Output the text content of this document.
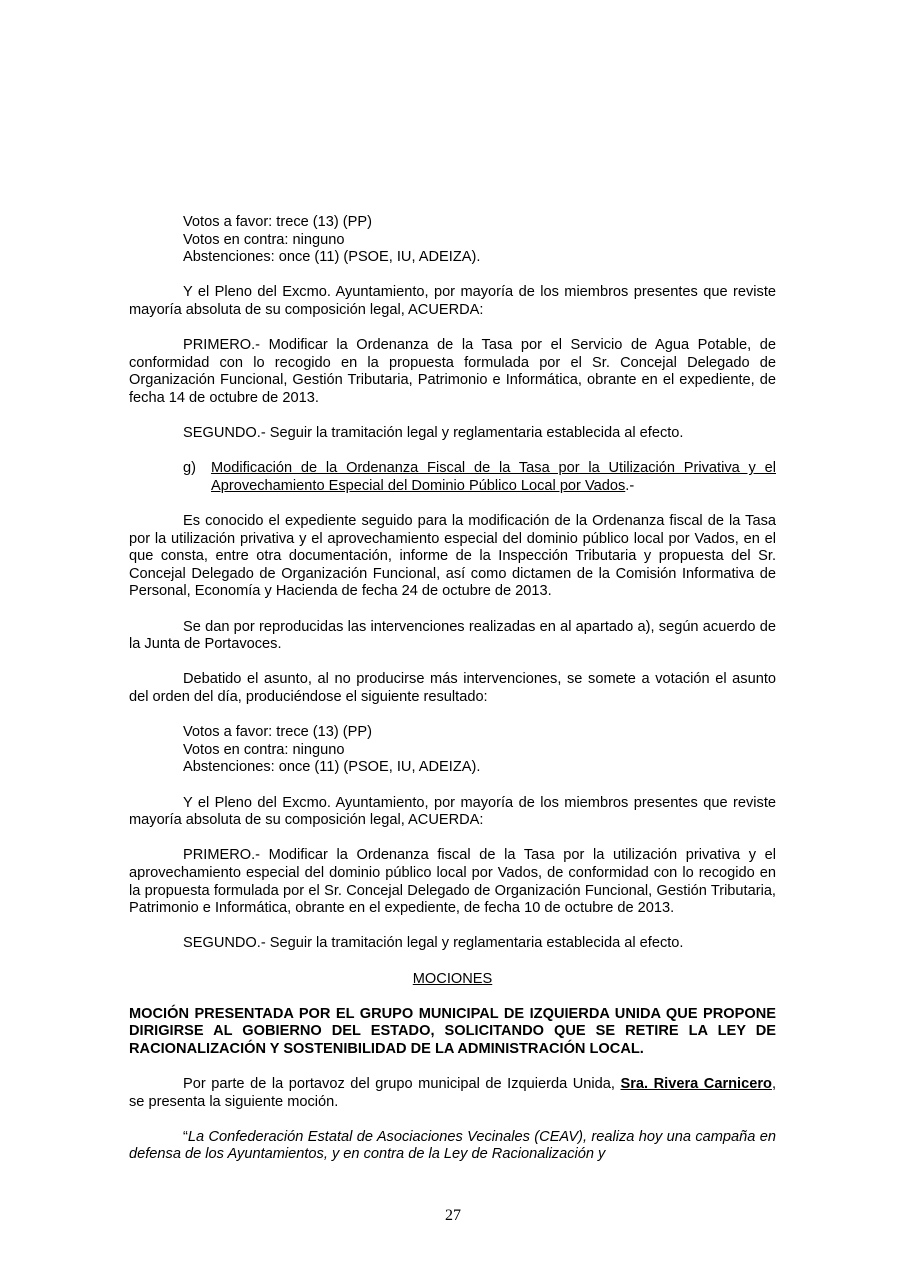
Votos a favor: trece (13) (PP)
Votos en contra: ninguno
Abstenciones: once (11) (PSOE, IU, ADEIZA).

Y el Pleno del Excmo. Ayuntamiento, por mayoría de los miembros presentes que reviste mayoría absoluta de su composición legal, ACUERDA:

PRIMERO.- Modificar la Ordenanza de la Tasa por el Servicio de Agua Potable, de conformidad con lo recogido en la propuesta formulada por el Sr. Concejal Delegado de Organización Funcional, Gestión Tributaria, Patrimonio e Informática, obrante en el expediente, de fecha 14 de octubre de 2013.

SEGUNDO.- Seguir la tramitación legal y reglamentaria establecida al efecto.

g) Modificación de la Ordenanza Fiscal de la Tasa por la Utilización Privativa y el Aprovechamiento Especial del Dominio Público Local por Vados.-

Es conocido el expediente seguido para la modificación de la Ordenanza fiscal de la Tasa por la utilización privativa y el aprovechamiento especial del dominio público local por Vados, en el que consta, entre otra documentación, informe de la Inspección Tributaria y propuesta del Sr. Concejal Delegado de Organización Funcional, así como dictamen de la Comisión Informativa de Personal, Economía y Hacienda de fecha 24 de octubre de 2013.

Se dan por reproducidas las intervenciones realizadas en al apartado a), según acuerdo de la Junta de Portavoces.

Debatido el asunto, al no producirse más intervenciones, se somete a votación el asunto del orden del día, produciéndose el siguiente resultado:

Votos a favor: trece (13) (PP)
Votos en contra: ninguno
Abstenciones: once (11) (PSOE, IU, ADEIZA).

Y el Pleno del Excmo. Ayuntamiento, por mayoría de los miembros presentes que reviste mayoría absoluta de su composición legal, ACUERDA:

PRIMERO.- Modificar la Ordenanza fiscal de la Tasa por la utilización privativa y el aprovechamiento especial del dominio público local por Vados, de conformidad con lo recogido en la propuesta formulada por el Sr. Concejal Delegado de Organización Funcional, Gestión Tributaria, Patrimonio e Informática, obrante en el expediente, de fecha 10 de octubre de 2013.

SEGUNDO.- Seguir la tramitación legal y reglamentaria establecida al efecto.

MOCIONES

MOCIÓN PRESENTADA POR EL GRUPO MUNICIPAL DE IZQUIERDA UNIDA QUE PROPONE DIRIGIRSE AL GOBIERNO DEL ESTADO, SOLICITANDO QUE SE RETIRE LA LEY DE RACIONALIZACIÓN Y SOSTENIBILIDAD DE LA ADMINISTRACIÓN LOCAL.

Por parte de la portavoz del grupo municipal de Izquierda Unida, Sra. Rivera Carnicero, se presenta la siguiente moción.

“La Confederación Estatal de Asociaciones Vecinales (CEAV), realiza hoy una campaña en defensa de los Ayuntamientos, y en contra de la Ley de Racionalización y

27
